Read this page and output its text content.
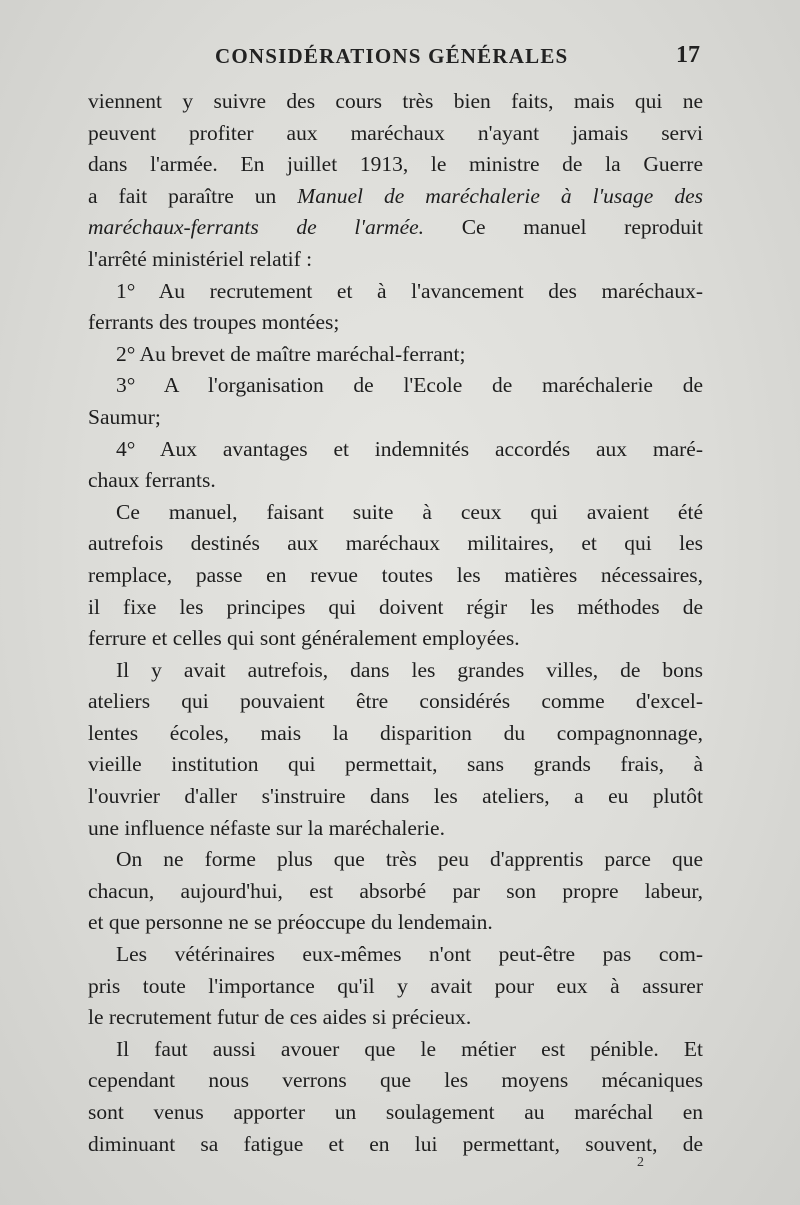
CONSIDÉRATIONS GÉNÉRALES	17
viennent y suivre des cours très bien faits, mais qui ne
peuvent profiter aux maréchaux n'ayant jamais servi
dans l'armée. En juillet 1913, le ministre de la Guerre
a fait paraître un Manuel de maréchalerie à l'usage des
maréchaux-ferrants de l'armée. Ce manuel reproduit
l'arrêté ministériel relatif :
1° Au recrutement et à l'avancement des maréchaux-
ferrants des troupes montées;
2° Au brevet de maître maréchal-ferrant;
3° A l'organisation de l'Ecole de maréchalerie de
Saumur;
4° Aux avantages et indemnités accordés aux maré-
chaux ferrants.
Ce manuel, faisant suite à ceux qui avaient été
autrefois destinés aux maréchaux militaires, et qui les
remplace, passe en revue toutes les matières nécessaires,
il fixe les principes qui doivent régir les méthodes de
ferrure et celles qui sont généralement employées.
Il y avait autrefois, dans les grandes villes, de bons
ateliers qui pouvaient être considérés comme d'excel-
lentes écoles, mais la disparition du compagnonnage,
vieille institution qui permettait, sans grands frais, à
l'ouvrier d'aller s'instruire dans les ateliers, a eu plutôt
une influence néfaste sur la maréchalerie.
On ne forme plus que très peu d'apprentis parce que
chacun, aujourd'hui, est absorbé par son propre labeur,
et que personne ne se préoccupe du lendemain.
Les vétérinaires eux-mêmes n'ont peut-être pas com-
pris toute l'importance qu'il y avait pour eux à assurer
le recrutement futur de ces aides si précieux.
Il faut aussi avouer que le métier est pénible. Et
cependant nous verrons que les moyens mécaniques
sont venus apporter un soulagement au maréchal en
diminuant sa fatigue et en lui permettant, souvent, de
2
